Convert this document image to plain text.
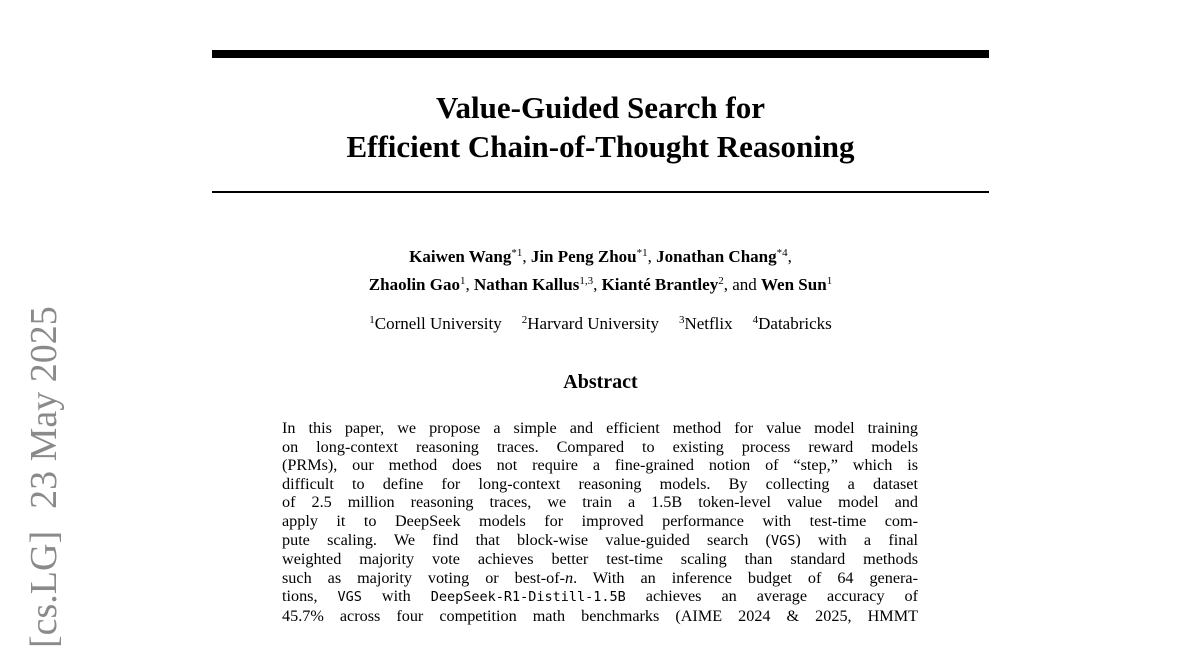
[cs.LG]23 May 2025
Value-Guided Search for
Efficient Chain-of-Thought Reasoning
Kaiwen Wang$^{*1}$, Jin Peng Zhou$^{*1}$, Jonathan Chang$^{*4}$,
Zhaolin Gao$^1$, Nathan Kallus$^{1,3}$, Kianté Brantley$^2$, and Wen Sun$^1$
$^1$Cornell University $^2$Harvard University $^3$Netflix $^4$Databricks
Abstract
In this paper, we propose a simple and efficient method for value model training
on long-context reasoning traces. Compared to existing process reward models
(PRMs), our method does not require a fine-grained notion of “step,” which is
difficult to define for long-context reasoning models. By collecting a dataset
of 2.5 million reasoning traces, we train a 1.5B token-level value model and
apply it to DeepSeek models for improved performance with test-time com-
pute scaling. We find that block-wise value-guided search (VGS) with a final
weighted majority vote achieves better test-time scaling than standard methods
such as majority voting or best-of-n. With an inference budget of 64 genera-
tions, VGS with DeepSeek-R1-Distill-1.5B achieves an average accuracy of
45.7% across four competition math benchmarks (AIME 2024 & 2025, HMMT
